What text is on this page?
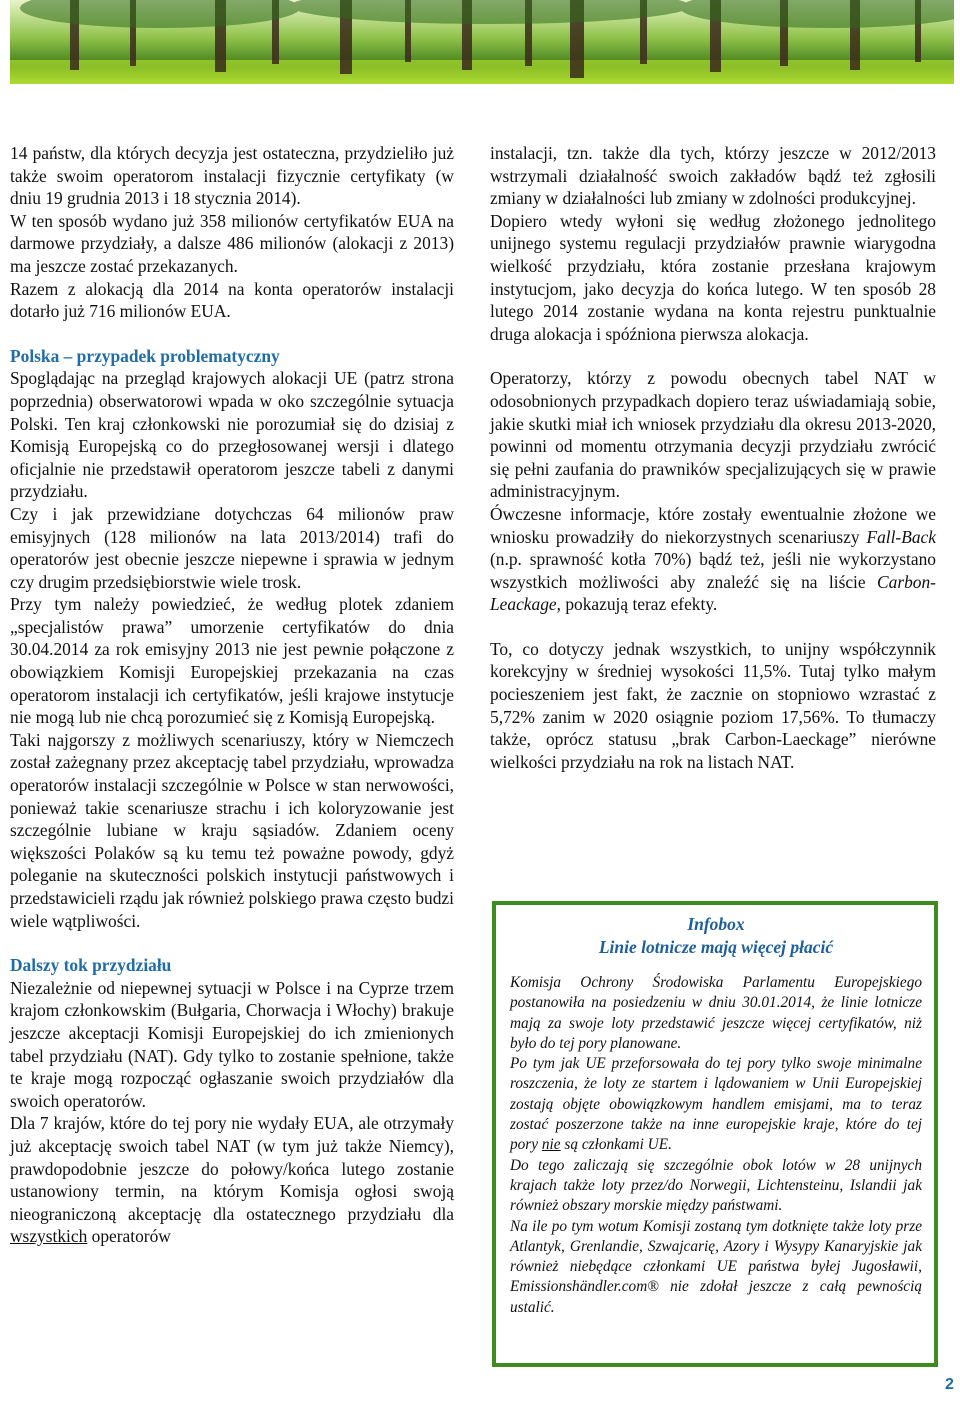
14 państw, dla których decyzja jest ostateczna, przydzieliło już także swoim operatorom instalacji fizycznie certyfikaty (w dniu 19 grudnia 2013 i 18 stycznia 2014).

W ten sposób wydano już 358 milionów certyfikatów EUA na darmowe przydziały, a dalsze 486 milionów (alokacji z 2013) ma jeszcze zostać przekazanych.

Razem z alokacją dla 2014 na konta operatorów instalacji dotarło już 716 milionów EUA.

Polska – przypadek problematyczny

Spoglądając na przegląd krajowych alokacji UE (patrz strona poprzednia) obserwatorowi wpada w oko szczególnie sytuacja Polski. Ten kraj członkowski nie porozumiał się do dzisiaj z Komisją Europejską co do przegłosowanej wersji i dlatego oficjalnie nie przedstawił operatorom jeszcze tabeli z danymi przydziału.

Czy i jak przewidziane dotychczas 64 milionów praw emisyjnych (128 milionów na lata 2013/2014) trafi do operatorów jest obecnie jeszcze niepewne i sprawia w jednym czy drugim przedsiębiorstwie wiele trosk.

Przy tym należy powiedzieć, że według plotek zdaniem „specjalistów prawa” umorzenie certyfikatów do dnia 30.04.2014 za rok emisyjny 2013 nie jest pewnie połączone z obowiązkiem Komisji Europejskiej przekazania na czas operatorom instalacji ich certyfikatów, jeśli krajowe instytucje nie mogą lub nie chcą porozumieć się z Komisją Europejską.

Taki najgorszy z możliwych scenariuszy, który w Niemczech został zażegnany przez akceptację tabel przydziału, wprowadza operatorów instalacji szczególnie w Polsce w stan nerwowości, ponieważ takie scenariusze strachu i ich koloryzowanie jest szczególnie lubiane w kraju sąsiadów. Zdaniem oceny większości Polaków są ku temu też poważne powody, gdyż poleganie na skuteczności polskich instytucji państwowych i przedstawicieli rządu jak również polskiego prawa często budzi wiele wątpliwości.

Dalszy tok przydziału

Niezależnie od niepewnej sytuacji w Polsce i na Cyprze trzem krajom członkowskim (Bułgaria, Chorwacja i Włochy) brakuje jeszcze akceptacji Komisji Europejskiej do ich zmienionych tabel przydziału (NAT). Gdy tylko to zostanie spełnione, także te kraje mogą rozpocząć ogłaszanie swoich przydziałów dla swoich operatorów.

Dla 7 krajów, które do tej pory nie wydały EUA, ale otrzymały już akceptację swoich tabel NAT (w tym już także Niemcy), prawdopodobnie jeszcze do połowy/końca lutego zostanie ustanowiony termin, na którym Komisja ogłosi swoją nieograniczoną akceptację dla ostatecznego przydziału dla wszystkich operatorów

instalacji, tzn. także dla tych, którzy jeszcze w 2012/2013 wstrzymali działalność swoich zakładów bądź też zgłosili zmiany w działalności lub zmiany w zdolności produkcyjnej.

Dopiero wtedy wyłoni się według złożonego jednolitego unijnego systemu regulacji przydziałów prawnie wiarygodna wielkość przydziału, która zostanie przesłana krajowym instytucjom, jako decyzja do końca lutego. W ten sposób 28 lutego 2014 zostanie wydana na konta rejestru punktualnie druga alokacja i spóźniona pierwsza alokacja.

Operatorzy, którzy z powodu obecnych tabel NAT w odosobnionych przypadkach dopiero teraz uświadamiają sobie, jakie skutki miał ich wniosek przydziału dla okresu 2013-2020, powinni od momentu otrzymania decyzji przydziału zwrócić się pełni zaufania do prawników specjalizujących się w prawie administracyjnym.

Ówczesne informacje, które zostały ewentualnie złożone we wniosku prowadziły do niekorzystnych scenariuszy Fall-Back (n.p. sprawność kotła 70%) bądź też, jeśli nie wykorzystano wszystkich możliwości aby znaleźć się na liście Carbon-Leackage, pokazują teraz efekty.

To, co dotyczy jednak wszystkich, to unijny współczynnik korekcyjny w średniej wysokości 11,5%. Tutaj tylko małym pocieszeniem jest fakt, że zacznie on stopniowo wzrastać z 5,72% zanim w 2020 osiągnie poziom 17,56%. To tłumaczy także, oprócz statusu „brak Carbon-Laeckage” nierówne wielkości przydziału na rok na listach NAT.

Infobox
Linie lotnicze mają więcej płacić

Komisja Ochrony Środowiska Parlamentu Europejskiego postanowiła na posiedzeniu w dniu 30.01.2014, że linie lotnicze mają za swoje loty przedstawić jeszcze więcej certyfikatów, niż było do tej pory planowane.

Po tym jak UE przeforsowała do tej pory tylko swoje minimalne roszczenia, że loty ze startem i lądowaniem w Unii Europejskiej zostają objęte obowiązkowym handlem emisjami, ma to teraz zostać poszerzone także na inne europejskie kraje, które do tej pory nie są członkami UE.

Do tego zaliczają się szczególnie obok lotów w 28 unijnych krajach także loty przez/do Norwegii, Lichtensteinu, Islandii jak również obszary morskie między państwami.

Na ile po tym wotum Komisji zostaną tym dotknięte także loty prze Atlantyk, Grenlandie, Szwajcarię, Azory i Wysypy Kanaryjskie jak również niebędące członkami UE państwa byłej Jugosławii, Emissionshändler.com® nie zdołał jeszcze z całą pewnością ustalić.

2
